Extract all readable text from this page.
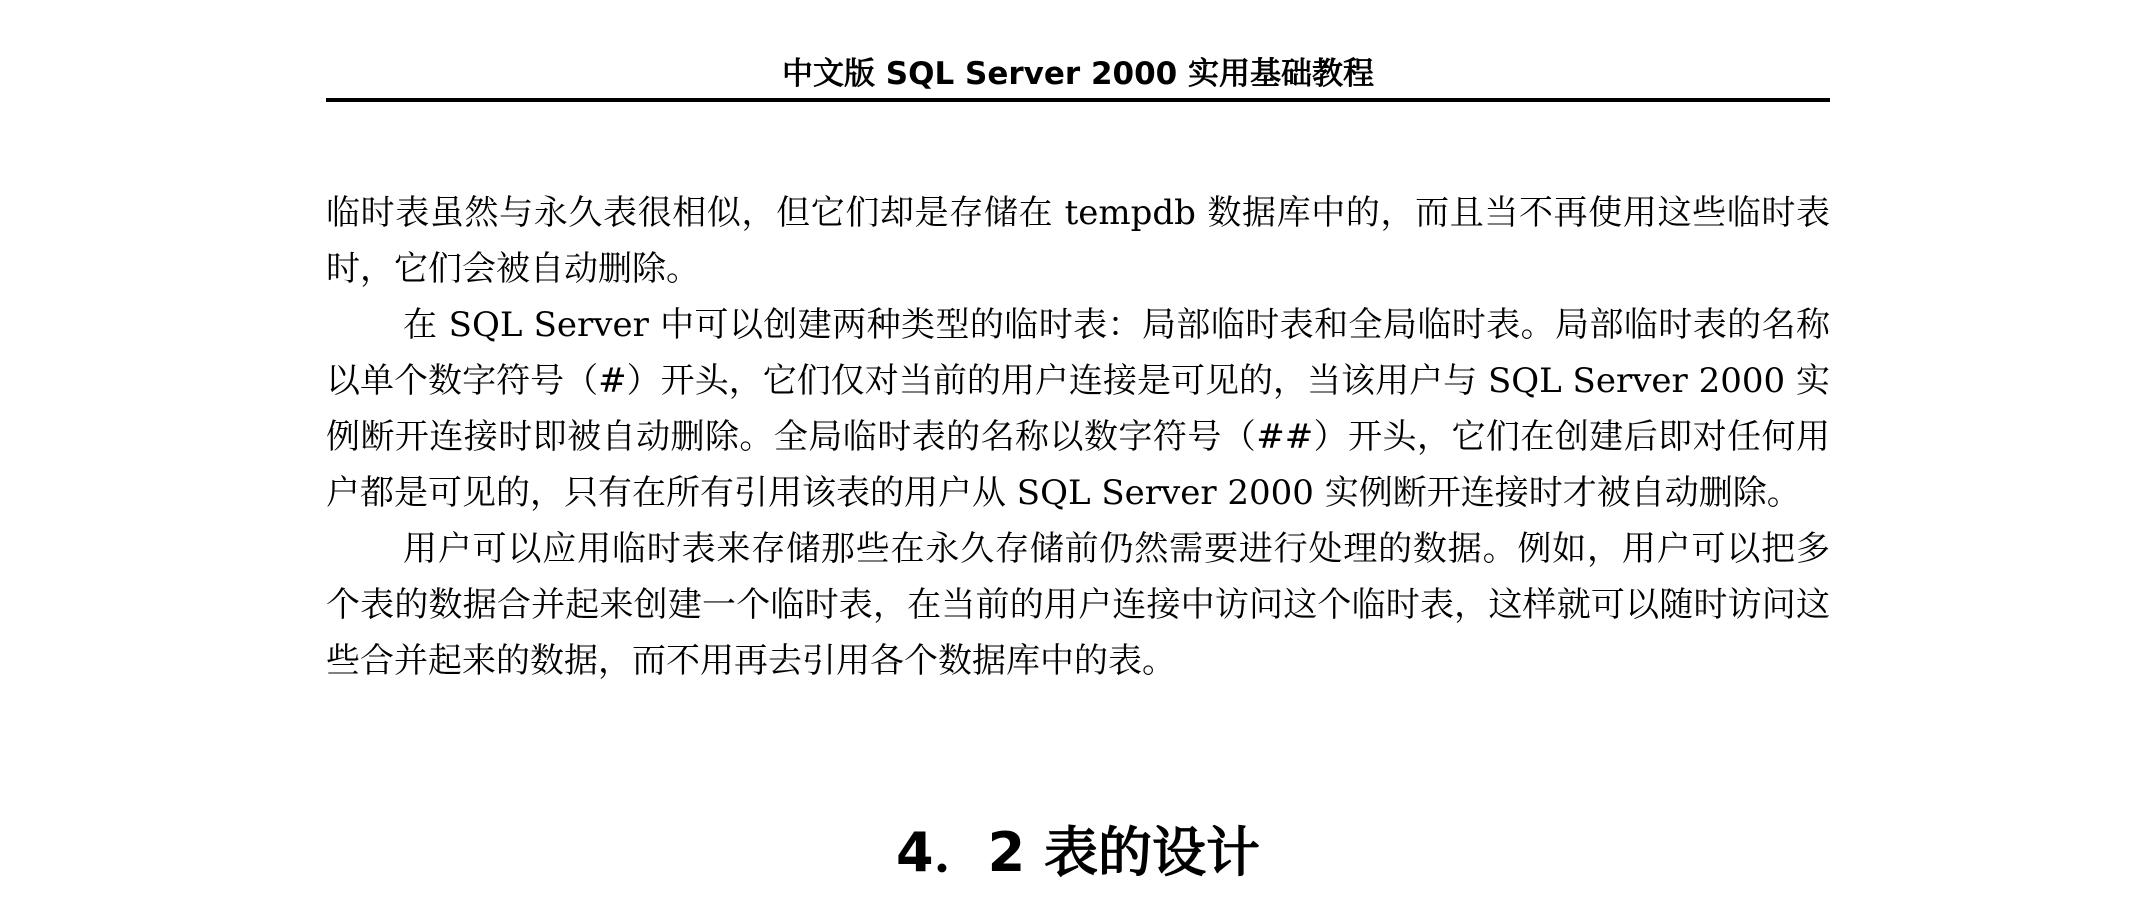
中文版 SQL Server 2000 实用基础教程

临时表虽然与永久表很相似，但它们却是存储在 tempdb 数据库中的，而且当不再使用这些临时表时，它们会被自动删除。

在 SQL Server 中可以创建两种类型的临时表：局部临时表和全局临时表。局部临时表的名称以单个数字符号（#）开头，它们仅对当前的用户连接是可见的，当该用户与 SQL Server 2000 实例断开连接时即被自动删除。全局临时表的名称以数字符号（##）开头，它们在创建后即对任何用户都是可见的，只有在所有引用该表的用户从 SQL Server 2000 实例断开连接时才被自动删除。

用户可以应用临时表来存储那些在永久存储前仍然需要进行处理的数据。例如，用户可以把多个表的数据合并起来创建一个临时表，在当前的用户连接中访问这个临时表，这样就可以随时访问这些合并起来的数据，而不用再去引用各个数据库中的表。

4．2 表的设计
